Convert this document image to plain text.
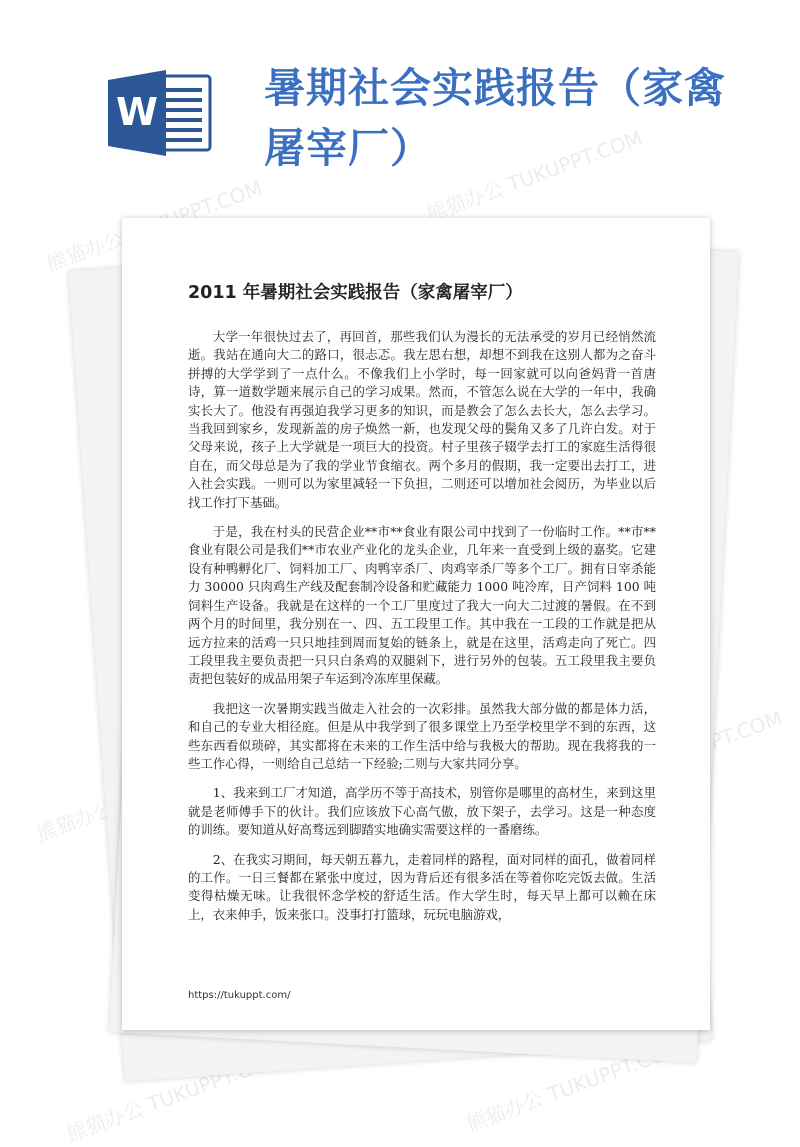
W	暑期社会实践报告（家禽屠宰厂）
熊猫办公 TUKUPPT.COM	熊猫办公 TUKUPPT.COM
熊猫办公
TUKUPPT.COM
熊猫办公 TUKUPPT.COM	熊猫办公 TUKUPPT.COM
2011 年暑期社会实践报告（家禽屠宰厂）

大学一年很快过去了，再回首，那些我们认为漫长的无法承受的岁月已经悄然流逝。我站在通向大二的路口，很忐忑。我左思右想，却想不到我在这别人都为之奋斗拼搏的大学学到了一点什么。不像我们上小学时，每一回家就可以向爸妈背一首唐诗，算一道数学题来展示自己的学习成果。然而，不管怎么说在大学的一年中，我确实长大了。他没有再强迫我学习更多的知识，而是教会了怎么去长大，怎么去学习。当我回到家乡，发现新盖的房子焕然一新，也发现父母的鬓角又多了几许白发。对于父母来说，孩子上大学就是一项巨大的投资。村子里孩子辍学去打工的家庭生活得很自在，而父母总是为了我的学业节食缩衣。两个多月的假期，我一定要出去打工，进入社会实践。一则可以为家里减轻一下负担，二则还可以增加社会阅历，为毕业以后找工作打下基础。

于是，我在村头的民营企业**市**食业有限公司中找到了一份临时工作。**市**食业有限公司是我们**市农业产业化的龙头企业，几年来一直受到上级的嘉奖。它建设有种鸭孵化厂、饲料加工厂、肉鸭宰杀厂、肉鸡宰杀厂等多个工厂。拥有日宰杀能力 30000 只肉鸡生产线及配套制冷设备和贮藏能力 1000 吨冷库，日产饲料 100 吨饲料生产设备。我就是在这样的一个工厂里度过了我大一向大二过渡的暑假。在不到两个月的时间里，我分别在一、四、五工段里工作。其中我在一工段的工作就是把从远方拉来的活鸡一只只地挂到周而复始的链条上，就是在这里，活鸡走向了死亡。四工段里我主要负责把一只只白条鸡的双腿剁下，进行另外的包装。五工段里我主要负责把包装好的成品用架子车运到冷冻库里保藏。

我把这一次暑期实践当做走入社会的一次彩排。虽然我大部分做的都是体力活，和自己的专业大相径庭。但是从中我学到了很多课堂上乃至学校里学不到的东西，这些东西看似琐碎，其实都将在未来的工作生活中给与我极大的帮助。现在我将我的一些工作心得，一则给自己总结一下经验;二则与大家共同分享。

1、我来到工厂才知道，高学历不等于高技术，别管你是哪里的高材生，来到这里就是老师傅手下的伙计。我们应该放下心高气傲，放下架子，去学习。这是一种态度的训练。要知道从好高骛远到脚踏实地确实需要这样的一番磨练。

2、在我实习期间，每天朝五暮九，走着同样的路程，面对同样的面孔，做着同样的工作。一日三餐都在紧张中度过，因为背后还有很多活在等着你吃完饭去做。生活变得枯燥无味。让我很怀念学校的舒适生活。作大学生时，每天早上都可以赖在床上，衣来伸手，饭来张口。没事打打篮球，玩玩电脑游戏，

https://tukuppt.com/
